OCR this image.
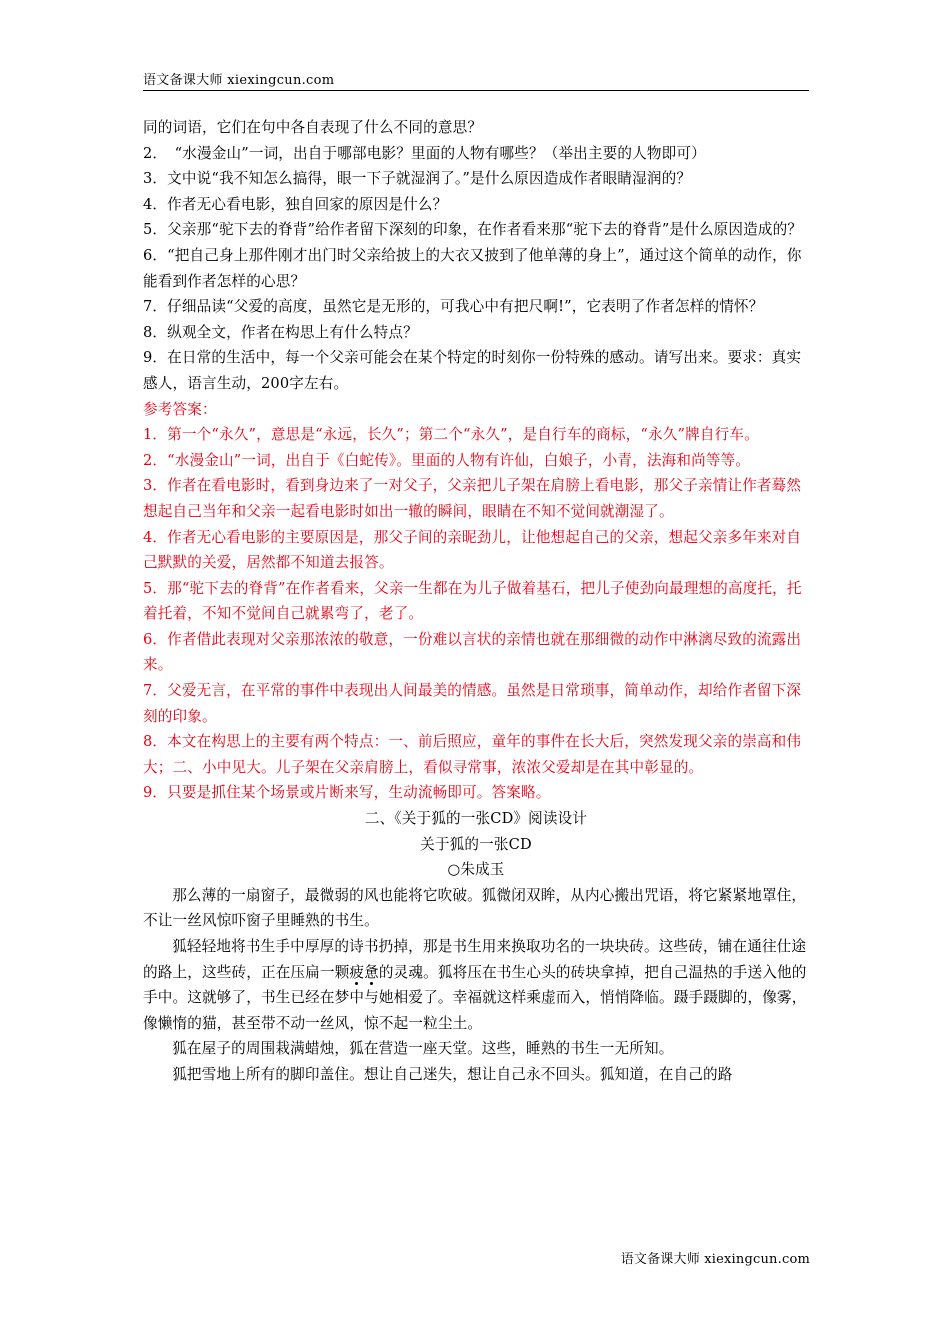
语文备课大师 xiexingcun.com

同的词语，它们在句中各自表现了什么不同的意思？

2．　“水漫金山”一词，出自于哪部电影？里面的人物有哪些？（举出主要的人物即可）

3．文中说“我不知怎么搞得，眼一下子就湿润了。”是什么原因造成作者眼睛湿润的？

4．作者无心看电影，独自回家的原因是什么？

5．父亲那“驼下去的脊背”给作者留下深刻的印象，在作者看来那“驼下去的脊背”是什么原因造成的？

6．“把自己身上那件刚才出门时父亲给披上的大衣又披到了他单薄的身上”，通过这个简单的动作，你能看到作者怎样的心思？

7．仔细品读“父爱的高度，虽然它是无形的，可我心中有把尺啊!”，它表明了作者怎样的情怀？

8．纵观全文，作者在构思上有什么特点？

9．在日常的生活中，每一个父亲可能会在某个特定的时刻你一份特殊的感动。请写出来。要求：真实感人，语言生动，200字左右。

参考答案：

1．第一个“永久”，意思是“永远，长久”；第二个“永久”，是自行车的商标，“永久”牌自行车。

2．“水漫金山”一词，出自于《白蛇传》。里面的人物有许仙，白娘子，小青，法海和尚等等。

3．作者在看电影时，看到身边来了一对父子，父亲把儿子架在肩膀上看电影，那父子亲情让作者蓦然想起自己当年和父亲一起看电影时如出一辙的瞬间，眼睛在不知不觉间就潮湿了。

4．作者无心看电影的主要原因是，那父子间的亲昵劲儿，让他想起自己的父亲，想起父亲多年来对自己默默的关爱，居然都不知道去报答。

5．那“驼下去的脊背”在作者看来，父亲一生都在为儿子做着基石，把儿子使劲向最理想的高度托，托着托着，不知不觉间自己就累弯了，老了。

6．作者借此表现对父亲那浓浓的敬意，一份难以言状的亲情也就在那细微的动作中淋漓尽致的流露出来。

7．父爱无言，在平常的事件中表现出人间最美的情感。虽然是日常琐事，简单动作，却给作者留下深刻的印象。

8．本文在构思上的主要有两个特点：一、前后照应，童年的事件在长大后，突然发现父亲的崇高和伟大；二、小中见大。儿子架在父亲肩膀上，看似寻常事，浓浓父爱却是在其中彰显的。

9．只要是抓住某个场景或片断来写，生动流畅即可。答案略。

二、《关于狐的一张CD》阅读设计

关于狐的一张CD

○朱成玉

那么薄的一扇窗子，最微弱的风也能将它吹破。狐微闭双眸，从内心搬出咒语，将它紧紧地罩住，不让一丝风惊吓窗子里睡熟的书生。

狐轻轻地将书生手中厚厚的诗书扔掉，那是书生用来换取功名的一块块砖。这些砖，铺在通往仕途的路上，这些砖，正在压扁一颗疲惫的灵魂。狐将压在书生心头的砖块拿掉，把自己温热的手送入他的手中。这就够了，书生已经在梦中与她相爱了。幸福就这样乘虚而入，悄悄降临。蹑手蹑脚的，像雾，像懒惰的猫，甚至带不动一丝风，惊不起一粒尘土。

狐在屋子的周围栽满蜡烛，狐在营造一座天堂。这些，睡熟的书生一无所知。

狐把雪地上所有的脚印盖住。想让自己迷失，想让自己永不回头。狐知道，在自己的路

语文备课大师 xiexingcun.com
